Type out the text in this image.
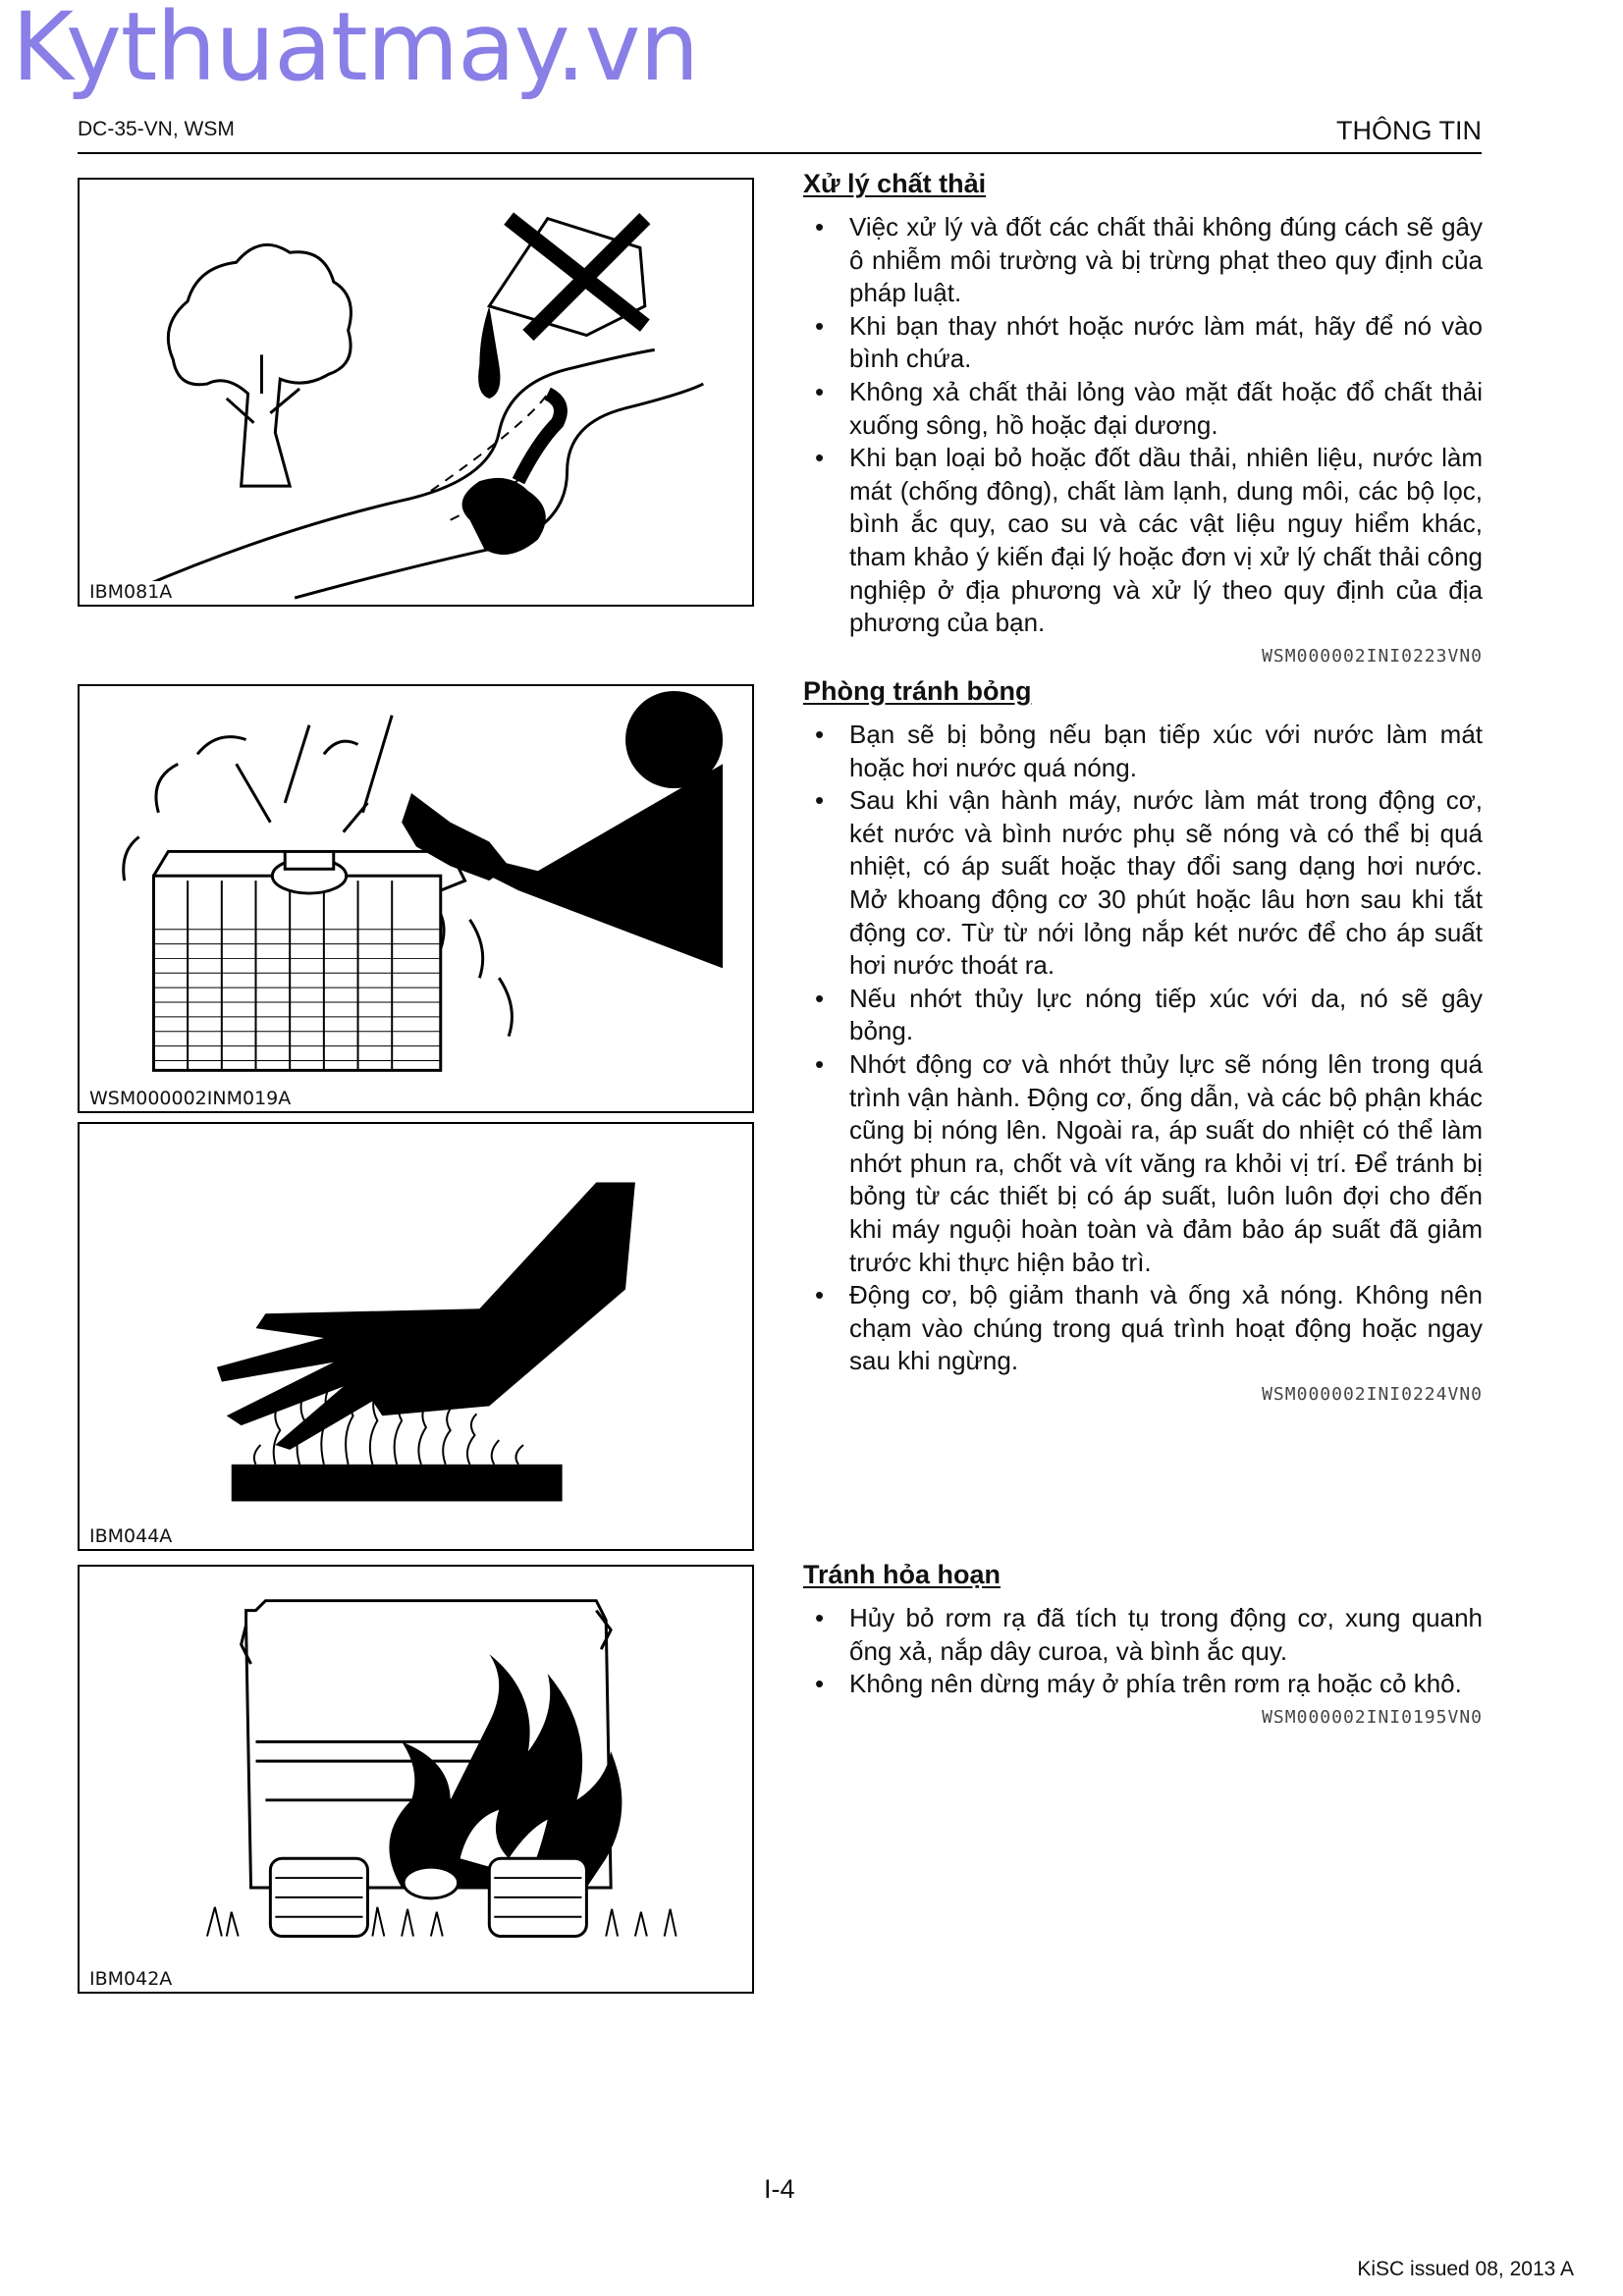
Kythuatmay.vn
DC-35-VN, WSM	THÔNG TIN
IBM081A
WSM000002INM019A
IBM044A
IBM042A
Xử lý chất thải
• Việc xử lý và đốt các chất thải không đúng cách sẽ gây ô nhiễm môi trường và bị trừng phạt theo quy định của pháp luật.
• Khi bạn thay nhớt hoặc nước làm mát, hãy để nó vào bình chứa.
• Không xả chất thải lỏng vào mặt đất hoặc đổ chất thải xuống sông, hồ hoặc đại dương.
• Khi bạn loại bỏ hoặc đốt dầu thải, nhiên liệu, nước làm mát (chống đông), chất làm lạnh, dung môi, các bộ lọc, bình ắc quy, cao su và các vật liệu nguy hiểm khác, tham khảo ý kiến đại lý hoặc đơn vị xử lý chất thải công nghiệp ở địa phương và xử lý theo quy định của địa phương của bạn.
WSM000002INI0223VN0
Phòng tránh bỏng
• Bạn sẽ bị bỏng nếu bạn tiếp xúc với nước làm mát hoặc hơi nước quá nóng.
• Sau khi vận hành máy, nước làm mát trong động cơ, két nước và bình nước phụ sẽ nóng và có thể bị quá nhiệt, có áp suất hoặc thay đổi sang dạng hơi nước. Mở khoang động cơ 30 phút hoặc lâu hơn sau khi tắt động cơ. Từ từ nới lỏng nắp két nước để cho áp suất hơi nước thoát ra.
• Nếu nhớt thủy lực nóng tiếp xúc với da, nó sẽ gây bỏng.
• Nhớt động cơ và nhớt thủy lực sẽ nóng lên trong quá trình vận hành. Động cơ, ống dẫn, và các bộ phận khác cũng bị nóng lên. Ngoài ra, áp suất do nhiệt có thể làm nhớt phun ra, chốt và vít văng ra khỏi vị trí. Để tránh bị bỏng từ các thiết bị có áp suất, luôn luôn đợi cho đến khi máy nguội hoàn toàn và đảm bảo áp suất đã giảm trước khi thực hiện bảo trì.
• Động cơ, bộ giảm thanh và ống xả nóng. Không nên chạm vào chúng trong quá trình hoạt động hoặc ngay sau khi ngừng.
WSM000002INI0224VN0
Tránh hỏa hoạn
• Hủy bỏ rơm rạ đã tích tụ trong động cơ, xung quanh ống xả, nắp dây curoa, và bình ắc quy.
• Không nên dừng máy ở phía trên rơm rạ hoặc cỏ khô.
WSM000002INI0195VN0
I-4
KiSC issued 08, 2013 A
